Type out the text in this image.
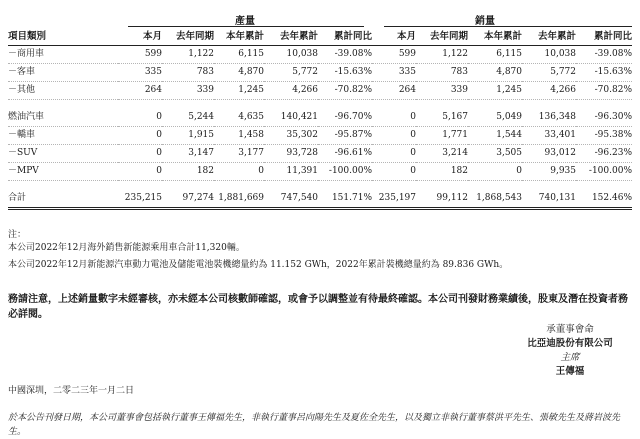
產量	銷量
項目類別	本月	去年同期	本年累計	去年累計	累計同比	本月	去年同期	本年累計	去年累計	累計同比
－商用車	599	1,122	6,115	10,038	-39.08%	599	1,122	6,115	10,038	-39.08%
－客車	335	783	4,870	5,772	-15.63%	335	783	4,870	5,772	-15.63%
－其他	264	339	1,245	4,266	-70.82%	264	339	1,245	4,266	-70.82%

燃油汽車	0	5,244	4,635	140,421	-96.70%	0	5,167	5,049	136,348	-96.30%
－轎車	0	1,915	1,458	35,302	-95.87%	0	1,771	1,544	33,401	-95.38%
－SUV	0	3,147	3,177	93,728	-96.61%	0	3,214	3,505	93,012	-96.23%
－MPV	0	182	0	11,391	-100.00%	0	182	0	9,935	-100.00%

合計	235,215	97,274	1,881,669	747,540	151.71%	235,197	99,112	1,868,543	740,131	152.46%
注：
本公司2022年12月海外銷售新能源乘用車合計11,320輛。
本公司2022年12月新能源汽車動力電池及儲能電池裝機總量約為 11.152 GWh，2022年累計裝機總量約為 89.836 GWh。
務請注意，上述銷量數字未經審核，亦未經本公司核數師確認，或會予以調整並有待最終確認。本公司刊發財務業績後，股東及潛在投資者務必詳閱。
承董事會命
比亞迪股份有限公司
主席
王傳福
中國深圳，二零二三年一月二日
於本公告刊發日期，本公司董事會包括執行董事王傳福先生，非執行董事呂向陽先生及夏佐全先生，以及獨立非執行董事蔡洪平先生、張敏先生及蔣岩波先生。
